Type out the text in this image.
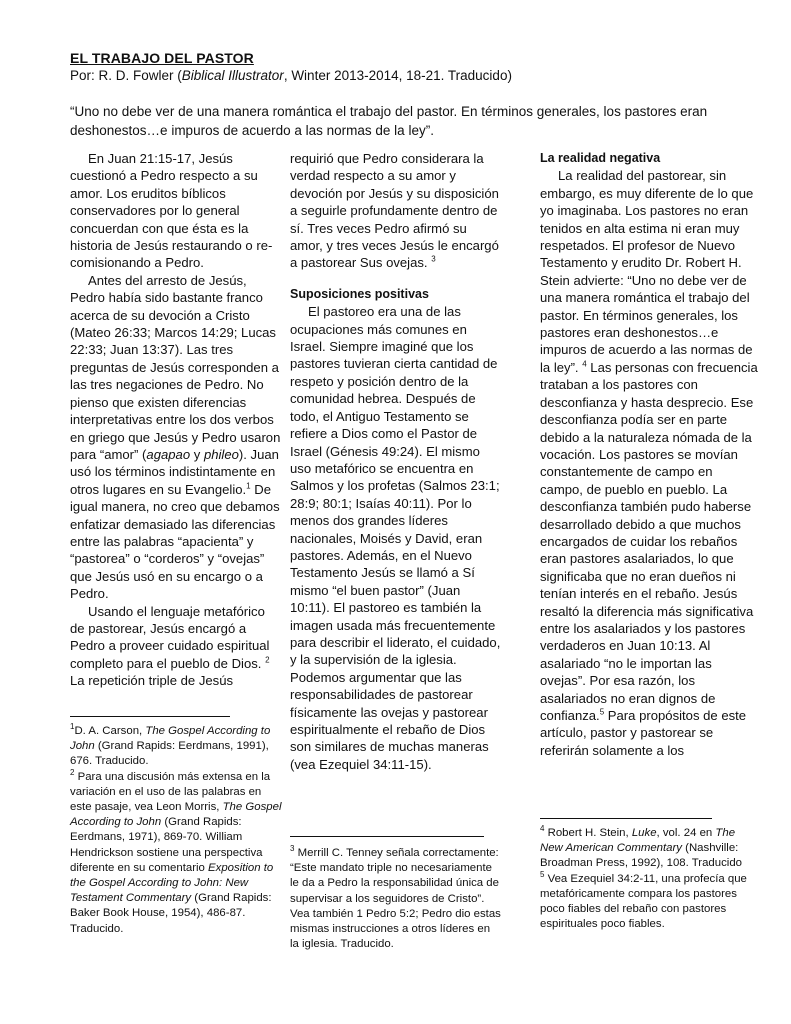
EL TRABAJO DEL PASTOR
Por: R. D. Fowler (Biblical Illustrator, Winter 2013-2014, 18-21. Traducido)
“Uno no debe ver de una manera romántica el trabajo del pastor. En términos generales, los pastores eran deshonestos…e impuros de acuerdo a las normas de la ley”.

En Juan 21:15-17, Jesús cuestionó a Pedro respecto a su amor. Los eruditos bíblicos conservadores por lo general concuerdan con que ésta es la historia de Jesús restaurando o re-comisionando a Pedro.

Antes del arresto de Jesús, Pedro había sido bastante franco acerca de su devoción a Cristo (Mateo 26:33; Marcos 14:29; Lucas 22:33; Juan 13:37). Las tres preguntas de Jesús corresponden a las tres negaciones de Pedro. No pienso que existen diferencias interpretativas entre los dos verbos en griego que Jesús y Pedro usaron para “amor” (agapao y phileo). Juan usó los términos indistintamente en otros lugares en su Evangelio.$^1$ De igual manera, no creo que debamos enfatizar demasiado las diferencias entre las palabras “apacienta” y “pastorea” o “corderos” y “ovejas” que Jesús usó en su encargo o a Pedro.

Usando el lenguaje metafórico de pastorear, Jesús encargó a Pedro a proveer cuidado espiritual completo para el pueblo de Dios. $^2$ La repetición triple de Jesús

$^1$D. A. Carson, The Gospel According to John (Grand Rapids: Eerdmans, 1991), 676. Traducido.

$^2$ Para una discusión más extensa en la variación en el uso de las palabras en este pasaje, vea Leon Morris, The Gospel According to John (Grand Rapids: Eerdmans, 1971), 869-70. William Hendrickson sostiene una perspectiva diferente en su comentario Exposition to the Gospel According to John: New Testament Commentary (Grand Rapids: Baker Book House, 1954), 486-87. Traducido.

requirió que Pedro considerara la verdad respecto a su amor y devoción por Jesús y su disposición a seguirle profundamente dentro de sí. Tres veces Pedro afirmó su amor, y tres veces Jesús le encargó a pastorear Sus ovejas. $^3$

Suposiciones positivas

El pastoreo era una de las ocupaciones más comunes en Israel. Siempre imaginé que los pastores tuvieran cierta cantidad de respeto y posición dentro de la comunidad hebrea. Después de todo, el Antiguo Testamento se refiere a Dios como el Pastor de Israel (Génesis 49:24). El mismo uso metafórico se encuentra en Salmos y los profetas (Salmos 23:1; 28:9; 80:1; Isaías 40:11). Por lo menos dos grandes líderes nacionales, Moisés y David, eran pastores. Además, en el Nuevo Testamento Jesús se llamó a Sí mismo “el buen pastor” (Juan 10:11). El pastoreo es también la imagen usada más frecuentemente para describir el liderato, el cuidado, y la supervisión de la iglesia. Podemos argumentar que las responsabilidades de pastorear físicamente las ovejas y pastorear espiritualmente el rebaño de Dios son similares de muchas maneras (vea Ezequiel 34:11-15).

$^3$ Merrill C. Tenney señala correctamente: “Este mandato triple no necesariamente le da a Pedro la responsabilidad única de supervisar a los seguidores de Cristo”. Vea también 1 Pedro 5:2; Pedro dio estas mismas instrucciones a otros líderes en la iglesia. Traducido.

La realidad negativa

La realidad del pastorear, sin embargo, es muy diferente de lo que yo imaginaba. Los pastores no eran tenidos en alta estima ni eran muy respetados. El profesor de Nuevo Testamento y erudito Dr. Robert H. Stein advierte: “Uno no debe ver de una manera romántica el trabajo del pastor. En términos generales, los pastores eran deshonestos…e impuros de acuerdo a las normas de la ley”. $^4$ Las personas con frecuencia trataban a los pastores con desconfianza y hasta desprecio. Ese desconfianza podía ser en parte debido a la naturaleza nómada de la vocación. Los pastores se movían constantemente de campo en campo, de pueblo en pueblo. La desconfianza también pudo haberse desarrollado debido a que muchos encargados de cuidar los rebaños eran pastores asalariados, lo que significaba que no eran dueños ni tenían interés en el rebaño. Jesús resaltó la diferencia más significativa entre los asalariados y los pastores verdaderos en Juan 10:13. Al asalariado “no le importan las ovejas”. Por esa razón, los asalariados no eran dignos de confianza.$^5$ Para propósitos de este artículo, pastor y pastorear se referirán solamente a los

$^4$ Robert H. Stein, Luke, vol. 24 en The New American Commentary (Nashville: Broadman Press, 1992), 108. Traducido

$^5$ Vea Ezequiel 34:2-11, una profecía que metafóricamente compara los pastores poco fiables del rebaño con pastores espirituales poco fiables.
